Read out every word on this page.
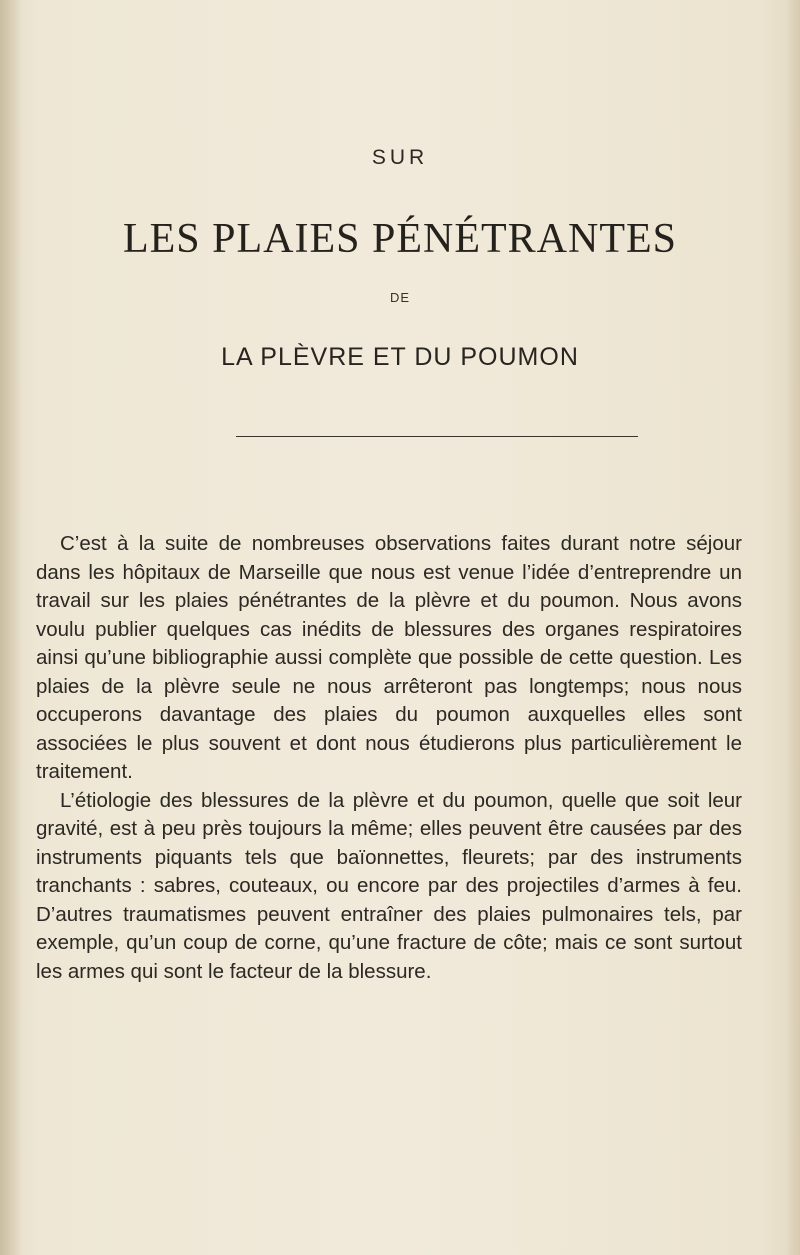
SUR
LES PLAIES PÉNÉTRANTES
DE
LA PLÈVRE ET DU POUMON

C’est à la suite de nombreuses observations faites durant notre séjour dans les hôpitaux de Marseille que nous est venue l’idée d’entreprendre un travail sur les plaies pénétrantes de la plèvre et du poumon. Nous avons voulu publier quelques cas inédits de blessures des organes respiratoires ainsi qu’une bibliographie aussi complète que possible de cette question. Les plaies de la plèvre seule ne nous arrêteront pas longtemps; nous nous occuperons davantage des plaies du poumon auxquelles elles sont associées le plus souvent et dont nous étudierons plus particulièrement le traitement.

L’étiologie des blessures de la plèvre et du poumon, quelle que soit leur gravité, est à peu près toujours la même; elles peuvent être causées par des instruments piquants tels que baïonnettes, fleurets; par des instruments tranchants : sabres, couteaux, ou encore par des projectiles d’armes à feu. D’autres traumatismes peuvent entraîner des plaies pulmonaires tels, par exemple, qu’un coup de corne, qu’une fracture de côte; mais ce sont surtout les armes qui sont le facteur de la blessure.
